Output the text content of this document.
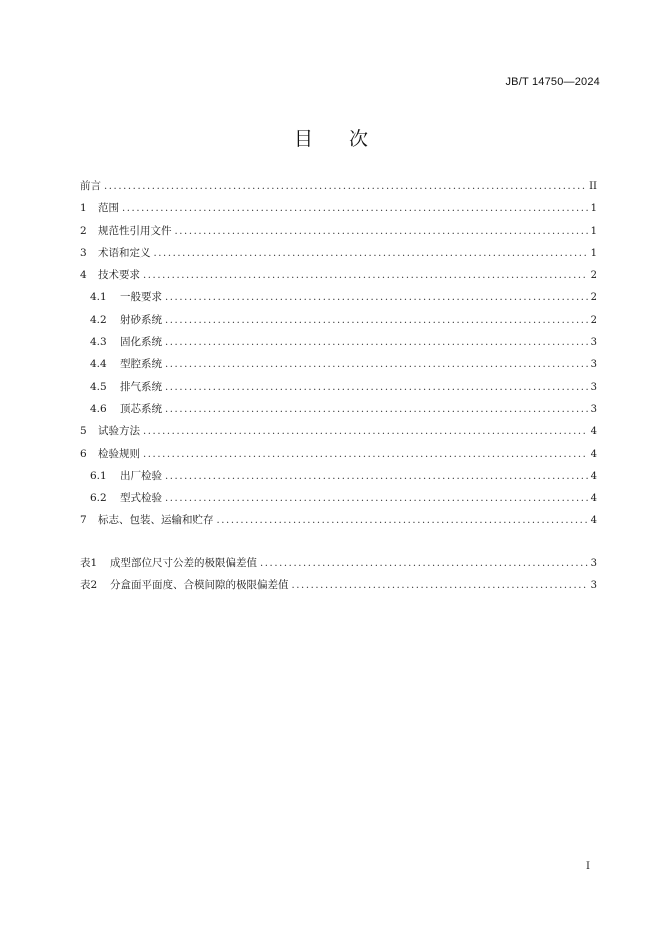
JB/T 14750—2024
目次
前言 .....	II
1	范围 .....	1
2	规范性引用文件 .....	1
3	术语和定义 .....	1
4	技术要求 .....	2
4.1	一般要求 .....	2
4.2	射砂系统 .....	2
4.3	固化系统 .....	3
4.4	型腔系统 .....	3
4.5	排气系统 .....	3
4.6	顶芯系统 .....	3
5	试验方法 .....	4
6	检验规则 .....	4
6.1	出厂检验 .....	4
6.2	型式检验 .....	4
7	标志、包装、运输和贮存 .....	4
表1	成型部位尺寸公差的极限偏差值 .....	3
表2	分盒面平面度、合模间隙的极限偏差值 .....	3
I
